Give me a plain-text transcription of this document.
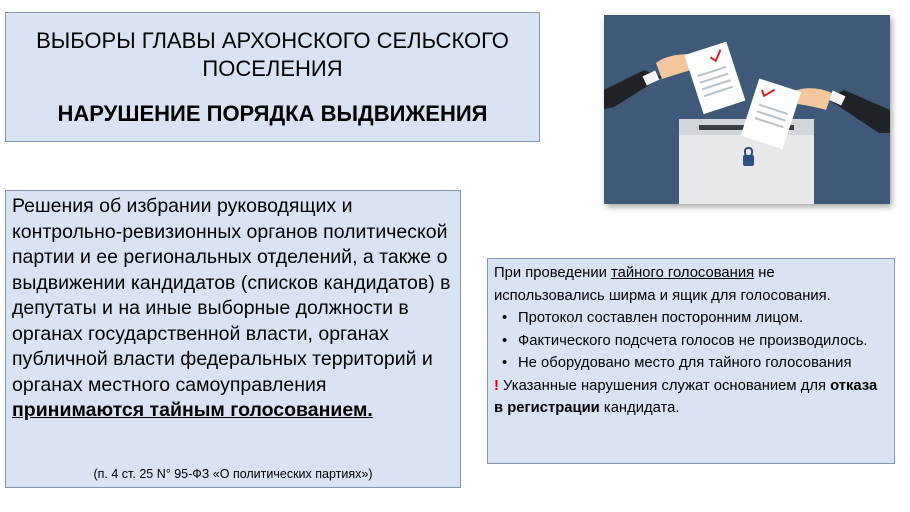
ВЫБОРЫ ГЛАВЫ АРХОНСКОГО СЕЛЬСКОГО ПОСЕЛЕНИЯ
НАРУШЕНИЕ ПОРЯДКА ВЫДВИЖЕНИЯ
Решения об избрании руководящих и контрольно-ревизионных органов политической партии и ее региональных отделений, а также о выдвижении кандидатов (списков кандидатов) в депутаты и на иные выборные должности в органах государственной власти, органах публичной власти федеральных территорий и органах местного самоуправления принимаются тайным голосованием.
(п. 4 ст. 25 N° 95-ФЗ «О политических партиях»)
При проведении тайного голосования не использовались ширма и ящик для голосования.
• Протокол составлен посторонним лицом.
• Фактического подсчета голосов не производилось.
• Не оборудовано место для тайного голосования
! Указанные нарушения служат основанием для отказа в регистрации кандидата.
